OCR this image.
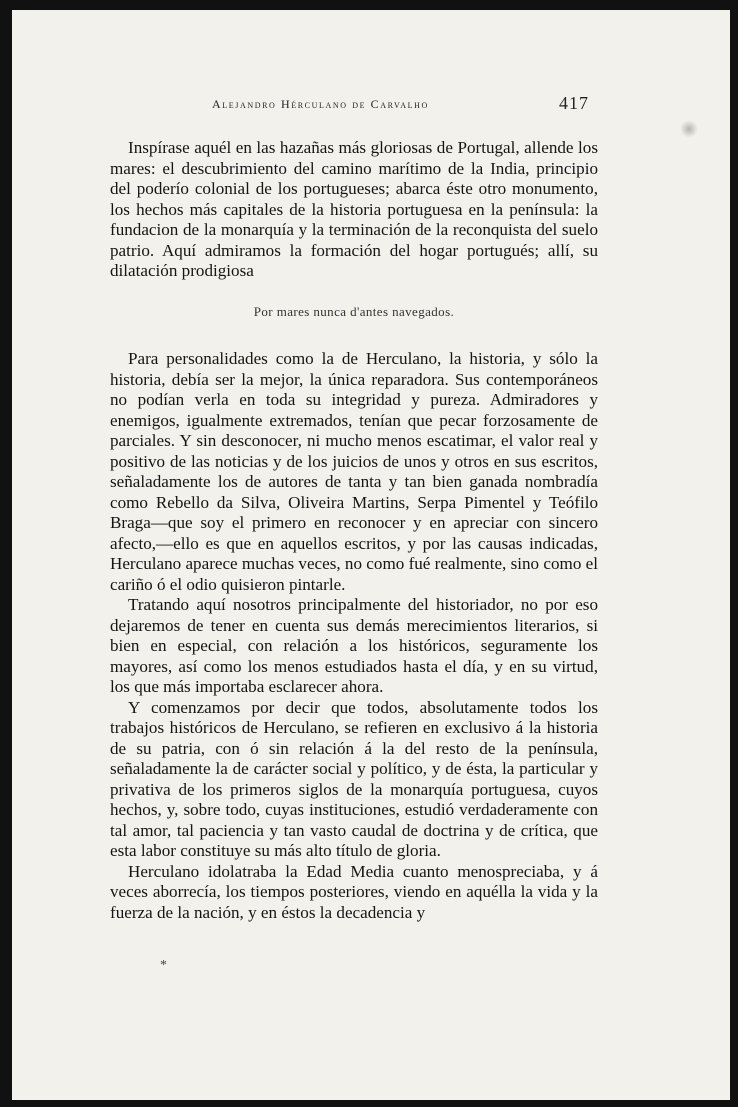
Alejandro Hérculano de Carvalho	417

Inspírase aquél en las hazañas más gloriosas de Portugal, allende los mares: el descubrimiento del camino marítimo de la India, principio del poderío colonial de los portugueses; abarca éste otro monumento, los hechos más capitales de la historia portuguesa en la península: la fundacion de la monarquía y la terminación de la reconquista del suelo patrio. Aquí admiramos la formación del hogar portugués; allí, su dilatación prodigiosa

Por mares nunca d'antes navegados.

Para personalidades como la de Herculano, la historia, y sólo la historia, debía ser la mejor, la única reparadora. Sus contemporáneos no podían verla en toda su integridad y pureza. Admiradores y enemigos, igualmente extremados, tenían que pecar forzosamente de parciales. Y sin desconocer, ni mucho menos escatimar, el valor real y positivo de las noticias y de los juicios de unos y otros en sus escritos, señaladamente los de autores de tanta y tan bien ganada nombradía como Rebello da Silva, Oliveira Martins, Serpa Pimentel y Teófilo Braga—que soy el primero en reconocer y en apreciar con sincero afecto,—ello es que en aquellos escritos, y por las causas indicadas, Herculano aparece muchas veces, no como fué realmente, sino como el cariño ó el odio quisieron pintarle.

Tratando aquí nosotros principalmente del historiador, no por eso dejaremos de tener en cuenta sus demás merecimientos literarios, si bien en especial, con relación a los históricos, seguramente los mayores, así como los menos estudiados hasta el día, y en su virtud, los que más importaba esclarecer ahora.

Y comenzamos por decir que todos, absolutamente todos los trabajos históricos de Herculano, se refieren en exclusivo á la historia de su patria, con ó sin relación á la del resto de la península, señaladamente la de carácter social y político, y de ésta, la particular y privativa de los primeros siglos de la monarquía portuguesa, cuyos hechos, y, sobre todo, cuyas instituciones, estudió verdaderamente con tal amor, tal paciencia y tan vasto caudal de doctrina y de crítica, que esta labor constituye su más alto título de gloria.

Herculano idolatraba la Edad Media cuanto menospreciaba, y á veces aborrecía, los tiempos posteriores, viendo en aquélla la vida y la fuerza de la nación, y en éstos la decadencia y

*
